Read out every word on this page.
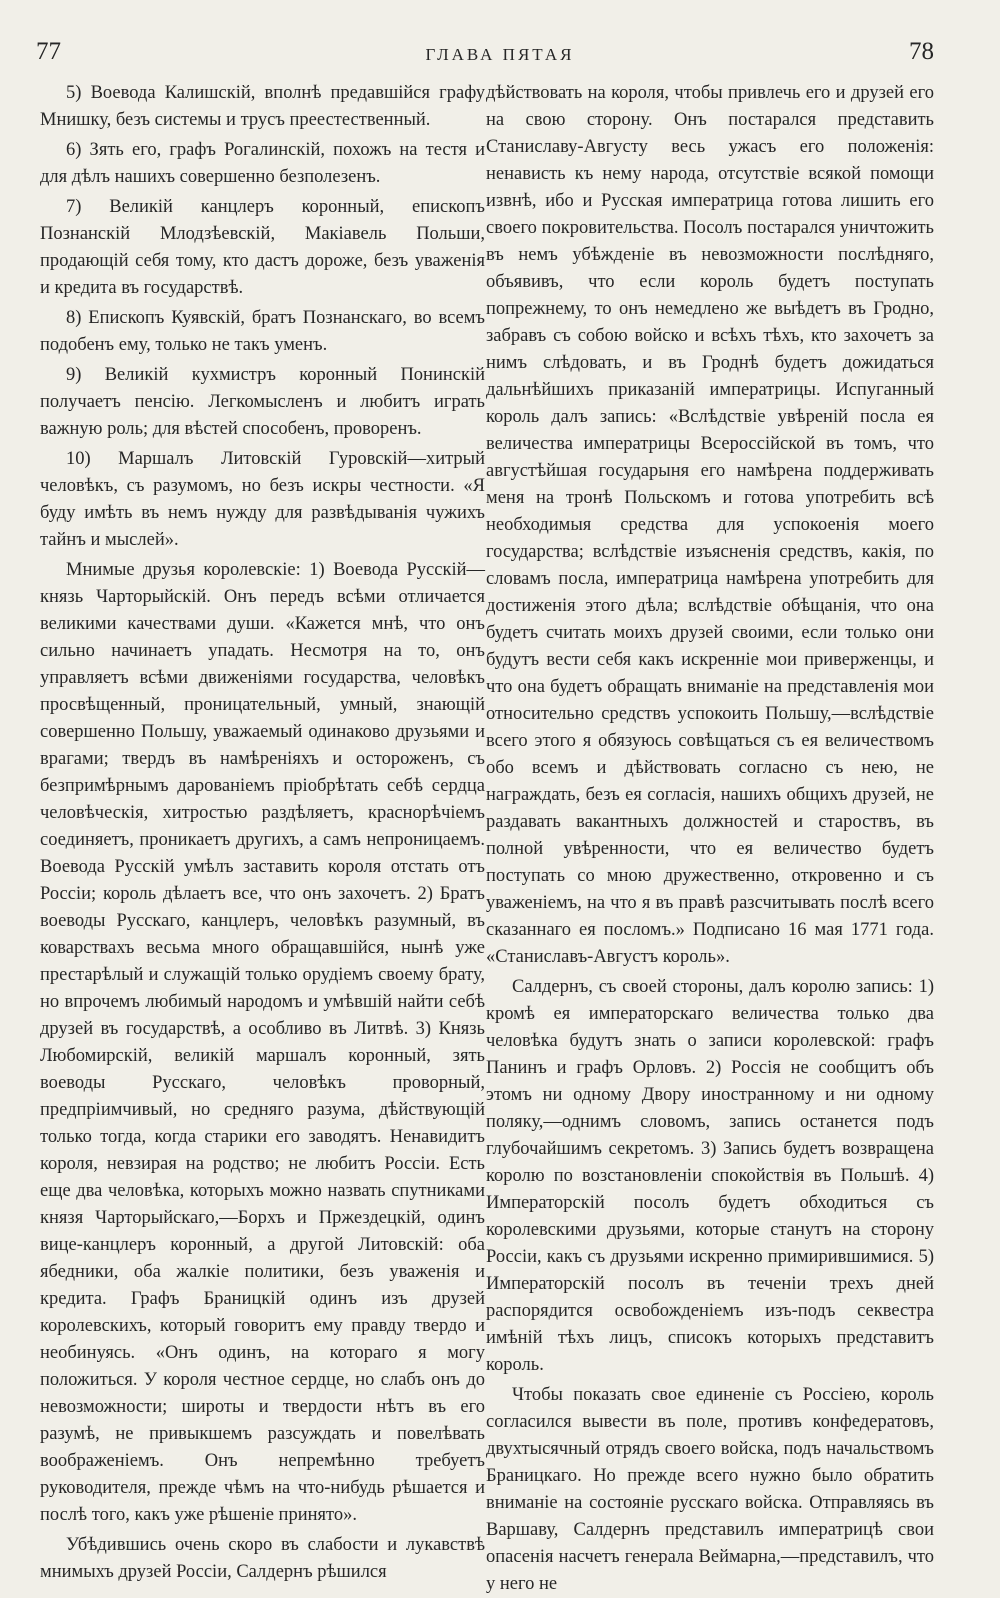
77	ГЛАВА ПЯТАЯ	78

5) Воевода Калишскій, вполнѣ предавшійся графу Мнишку, безъ системы и трусъ преестественный.

6) Зять его, графъ Рогалинскій, похожъ на тестя и для дѣлъ нашихъ совершенно безполезенъ.

7) Великій канцлеръ коронный, епископъ Познанскій Млодзѣевскій, Макіавель Польши, продающій себя тому, кто дастъ дороже, безъ уваженія и кредита въ государствѣ.

8) Епископъ Куявскій, братъ Познанскаго, во всемъ подобенъ ему, только не такъ уменъ.

9) Великій кухмистръ коронный Понинскій получаетъ пенсію. Легкомысленъ и любитъ играть важную роль; для вѣстей способенъ, проворенъ.

10) Маршалъ Литовскій Гуровскій—хитрый человѣкъ, съ разумомъ, но безъ искры честности. «Я буду имѣть въ немъ нужду для развѣдыванія чужихъ тайнъ и мыслей».

Мнимые друзья королевскіе: 1) Воевода Русскій—князь Чарторыйскій. Онъ передъ всѣми отличается великими качествами души. «Кажется мнѣ, что онъ сильно начинаетъ упадать. Несмотря на то, онъ управляетъ всѣми движеніями государства, человѣкъ просвѣщенный, проницательный, умный, знающій совершенно Польшу, уважаемый одинаково друзьями и врагами; твердъ въ намѣреніяхъ и остороженъ, съ безпримѣрнымъ дарованіемъ пріобрѣтать себѣ сердца человѣческія, хитростью раздѣляетъ, краснорѣчіемъ соединяетъ, проникаетъ другихъ, а самъ непроницаемъ. Воевода Русскій умѣлъ заставить короля отстать отъ Россіи; король дѣлаетъ все, что онъ захочетъ. 2) Братъ воеводы Русскаго, канцлеръ, человѣкъ разумный, въ коварствахъ весьма много обращавшійся, нынѣ уже престарѣлый и служащій только орудіемъ своему брату, но впрочемъ любимый народомъ и умѣвшій найти себѣ друзей въ государствѣ, а особливо въ Литвѣ. 3) Князь Любомирскій, великій маршалъ коронный, зять воеводы Русскаго, человѣкъ проворный, предпріимчивый, но средняго разума, дѣйствующій только тогда, когда старики его заводятъ. Ненавидитъ короля, невзирая на родство; не любитъ Россіи. Есть еще два человѣка, которыхъ можно назвать спутниками князя Чарторыйскаго,—Борхъ и Пржездецкій, одинъ вице-канцлеръ коронный, а другой Литовскій: оба ябедники, оба жалкіе политики, безъ уваженія и кредита. Графъ Браницкій одинъ изъ друзей королевскихъ, который говоритъ ему правду твердо и необинуясь. «Онъ одинъ, на котораго я могу положиться. У короля честное сердце, но слабъ онъ до невозможности; широты и твердости нѣтъ въ его разумѣ, не привыкшемъ разсуждать и повелѣвать воображеніемъ. Онъ непремѣнно требуетъ руководителя, прежде чѣмъ на что-нибудь рѣшается и послѣ того, какъ уже рѣшеніе принято».

Убѣдившись очень скоро въ слабости и лукавствѣ мнимыхъ друзей Россіи, Салдернъ рѣшился

дѣйствовать на короля, чтобы привлечь его и друзей его на свою сторону. Онъ постарался представить Станиславу-Августу весь ужасъ его положенія: ненависть къ нему народа, отсутствіе всякой помощи извнѣ, ибо и Русская императрица готова лишить его своего покровительства. Посолъ постарался уничтожить въ немъ убѣжденіе въ невозможности послѣдняго, объявивъ, что если король будетъ поступать попрежнему, то онъ немедлено же выѣдетъ въ Гродно, забравъ съ собою войско и всѣхъ тѣхъ, кто захочетъ за нимъ слѣдовать, и въ Гроднѣ будетъ дожидаться дальнѣйшихъ приказаній императрицы. Испуганный король далъ запись: «Вслѣдствіе увѣреній посла ея величества императрицы Всероссійской въ томъ, что августѣйшая государыня его намѣрена поддерживать меня на тронѣ Польскомъ и готова употребить всѣ необходимыя средства для успокоенія моего государства; вслѣдствіе изъясненія средствъ, какія, по словамъ посла, императрица намѣрена употребить для достиженія этого дѣла; вслѣдствіе обѣщанія, что она будетъ считать моихъ друзей своими, если только они будутъ вести себя какъ искренніе мои приверженцы, и что она будетъ обращать вниманіе на представленія мои относительно средствъ успокоить Польшу,—вслѣдствіе всего этого я обязуюсь совѣщаться съ ея величествомъ обо всемъ и дѣйствовать согласно съ нею, не награждать, безъ ея согласія, нашихъ общихъ друзей, не раздавать вакантныхъ должностей и староствъ, въ полной увѣренности, что ея величество будетъ поступать со мною дружественно, откровенно и съ уваженіемъ, на что я въ правѣ разсчитывать послѣ всего сказаннаго ея посломъ.» Подписано 16 мая 1771 года. «Станиславъ-Августъ король».

Салдернъ, съ своей стороны, далъ королю запись: 1) кромѣ ея императорскаго величества только два человѣка будутъ знать о записи королевской: графъ Панинъ и графъ Орловъ. 2) Россія не сообщитъ объ этомъ ни одному Двору иностранному и ни одному поляку,—однимъ словомъ, запись останется подъ глубочайшимъ секретомъ. 3) Запись будетъ возвращена королю по возстановленіи спокойствія въ Польшѣ. 4) Императорскій посолъ будетъ обходиться съ королевскими друзьями, которые станутъ на сторону Россіи, какъ съ друзьями искренно примирившимися. 5) Императорскій посолъ въ теченіи трехъ дней распорядится освобожденіемъ изъ-подъ секвестра имѣній тѣхъ лицъ, списокъ которыхъ представитъ король.

Чтобы показать свое единеніе съ Россіею, король согласился вывести въ поле, противъ конфедератовъ, двухтысячный отрядъ своего войска, подъ начальствомъ Браницкаго. Но прежде всего нужно было обратить вниманіе на состояніе русскаго войска. Отправляясь въ Варшаву, Салдернъ представилъ императрицѣ свои опасенія насчетъ генерала Веймарна,—представилъ, что у него не
